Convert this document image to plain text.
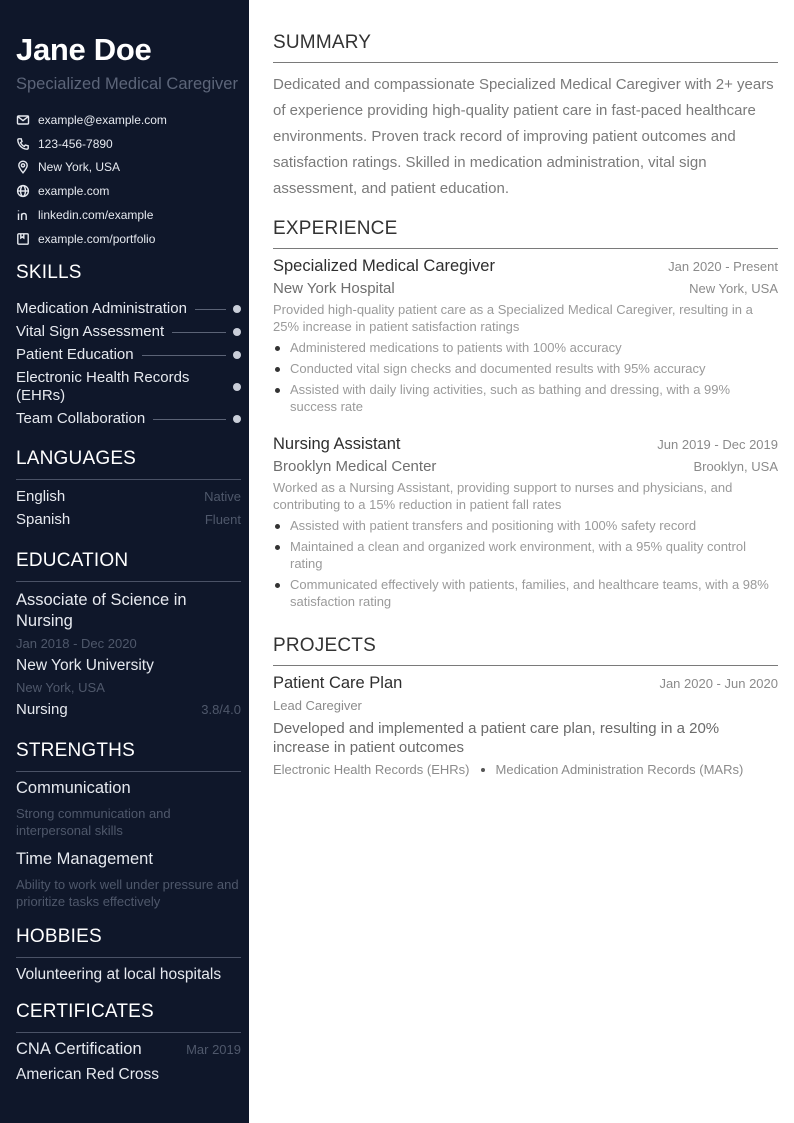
Jane Doe
Specialized Medical Caregiver
example@example.com
123-456-7890
New York, USA
example.com
linkedin.com/example
example.com/portfolio
SKILLS
Medication Administration
Vital Sign Assessment
Patient Education
Electronic Health Records (EHRs)
Team Collaboration
LANGUAGES
English	Native
Spanish	Fluent
EDUCATION
Associate of Science in Nursing
Jan 2018 - Dec 2020
New York University
New York, USA
Nursing	3.8/4.0
STRENGTHS
Communication
Strong communication and interpersonal skills
Time Management
Ability to work well under pressure and prioritize tasks effectively
HOBBIES
Volunteering at local hospitals
CERTIFICATES
CNA Certification	Mar 2019
American Red Cross
SUMMARY

Dedicated and compassionate Specialized Medical Caregiver with 2+ years of experience providing high-quality patient care in fast-paced healthcare environments. Proven track record of improving patient outcomes and satisfaction ratings. Skilled in medication administration, vital sign assessment, and patient education.

EXPERIENCE
Specialized Medical Caregiver	Jan 2020 - Present
New York Hospital	New York, USA
Provided high-quality patient care as a Specialized Medical Caregiver, resulting in a 25% increase in patient satisfaction ratings
Administered medications to patients with 100% accuracy
Conducted vital sign checks and documented results with 95% accuracy
Assisted with daily living activities, such as bathing and dressing, with a 99% success rate
Nursing Assistant	Jun 2019 - Dec 2019
Brooklyn Medical Center	Brooklyn, USA
Worked as a Nursing Assistant, providing support to nurses and physicians, and contributing to a 15% reduction in patient fall rates
Assisted with patient transfers and positioning with 100% safety record
Maintained a clean and organized work environment, with a 95% quality control rating
Communicated effectively with patients, families, and healthcare teams, with a 98% satisfaction rating
PROJECTS
Patient Care Plan	Jan 2020 - Jun 2020
Lead Caregiver
Developed and implemented a patient care plan, resulting in a 20% increase in patient outcomes
Electronic Health Records (EHRs) Medication Administration Records (MARs)
